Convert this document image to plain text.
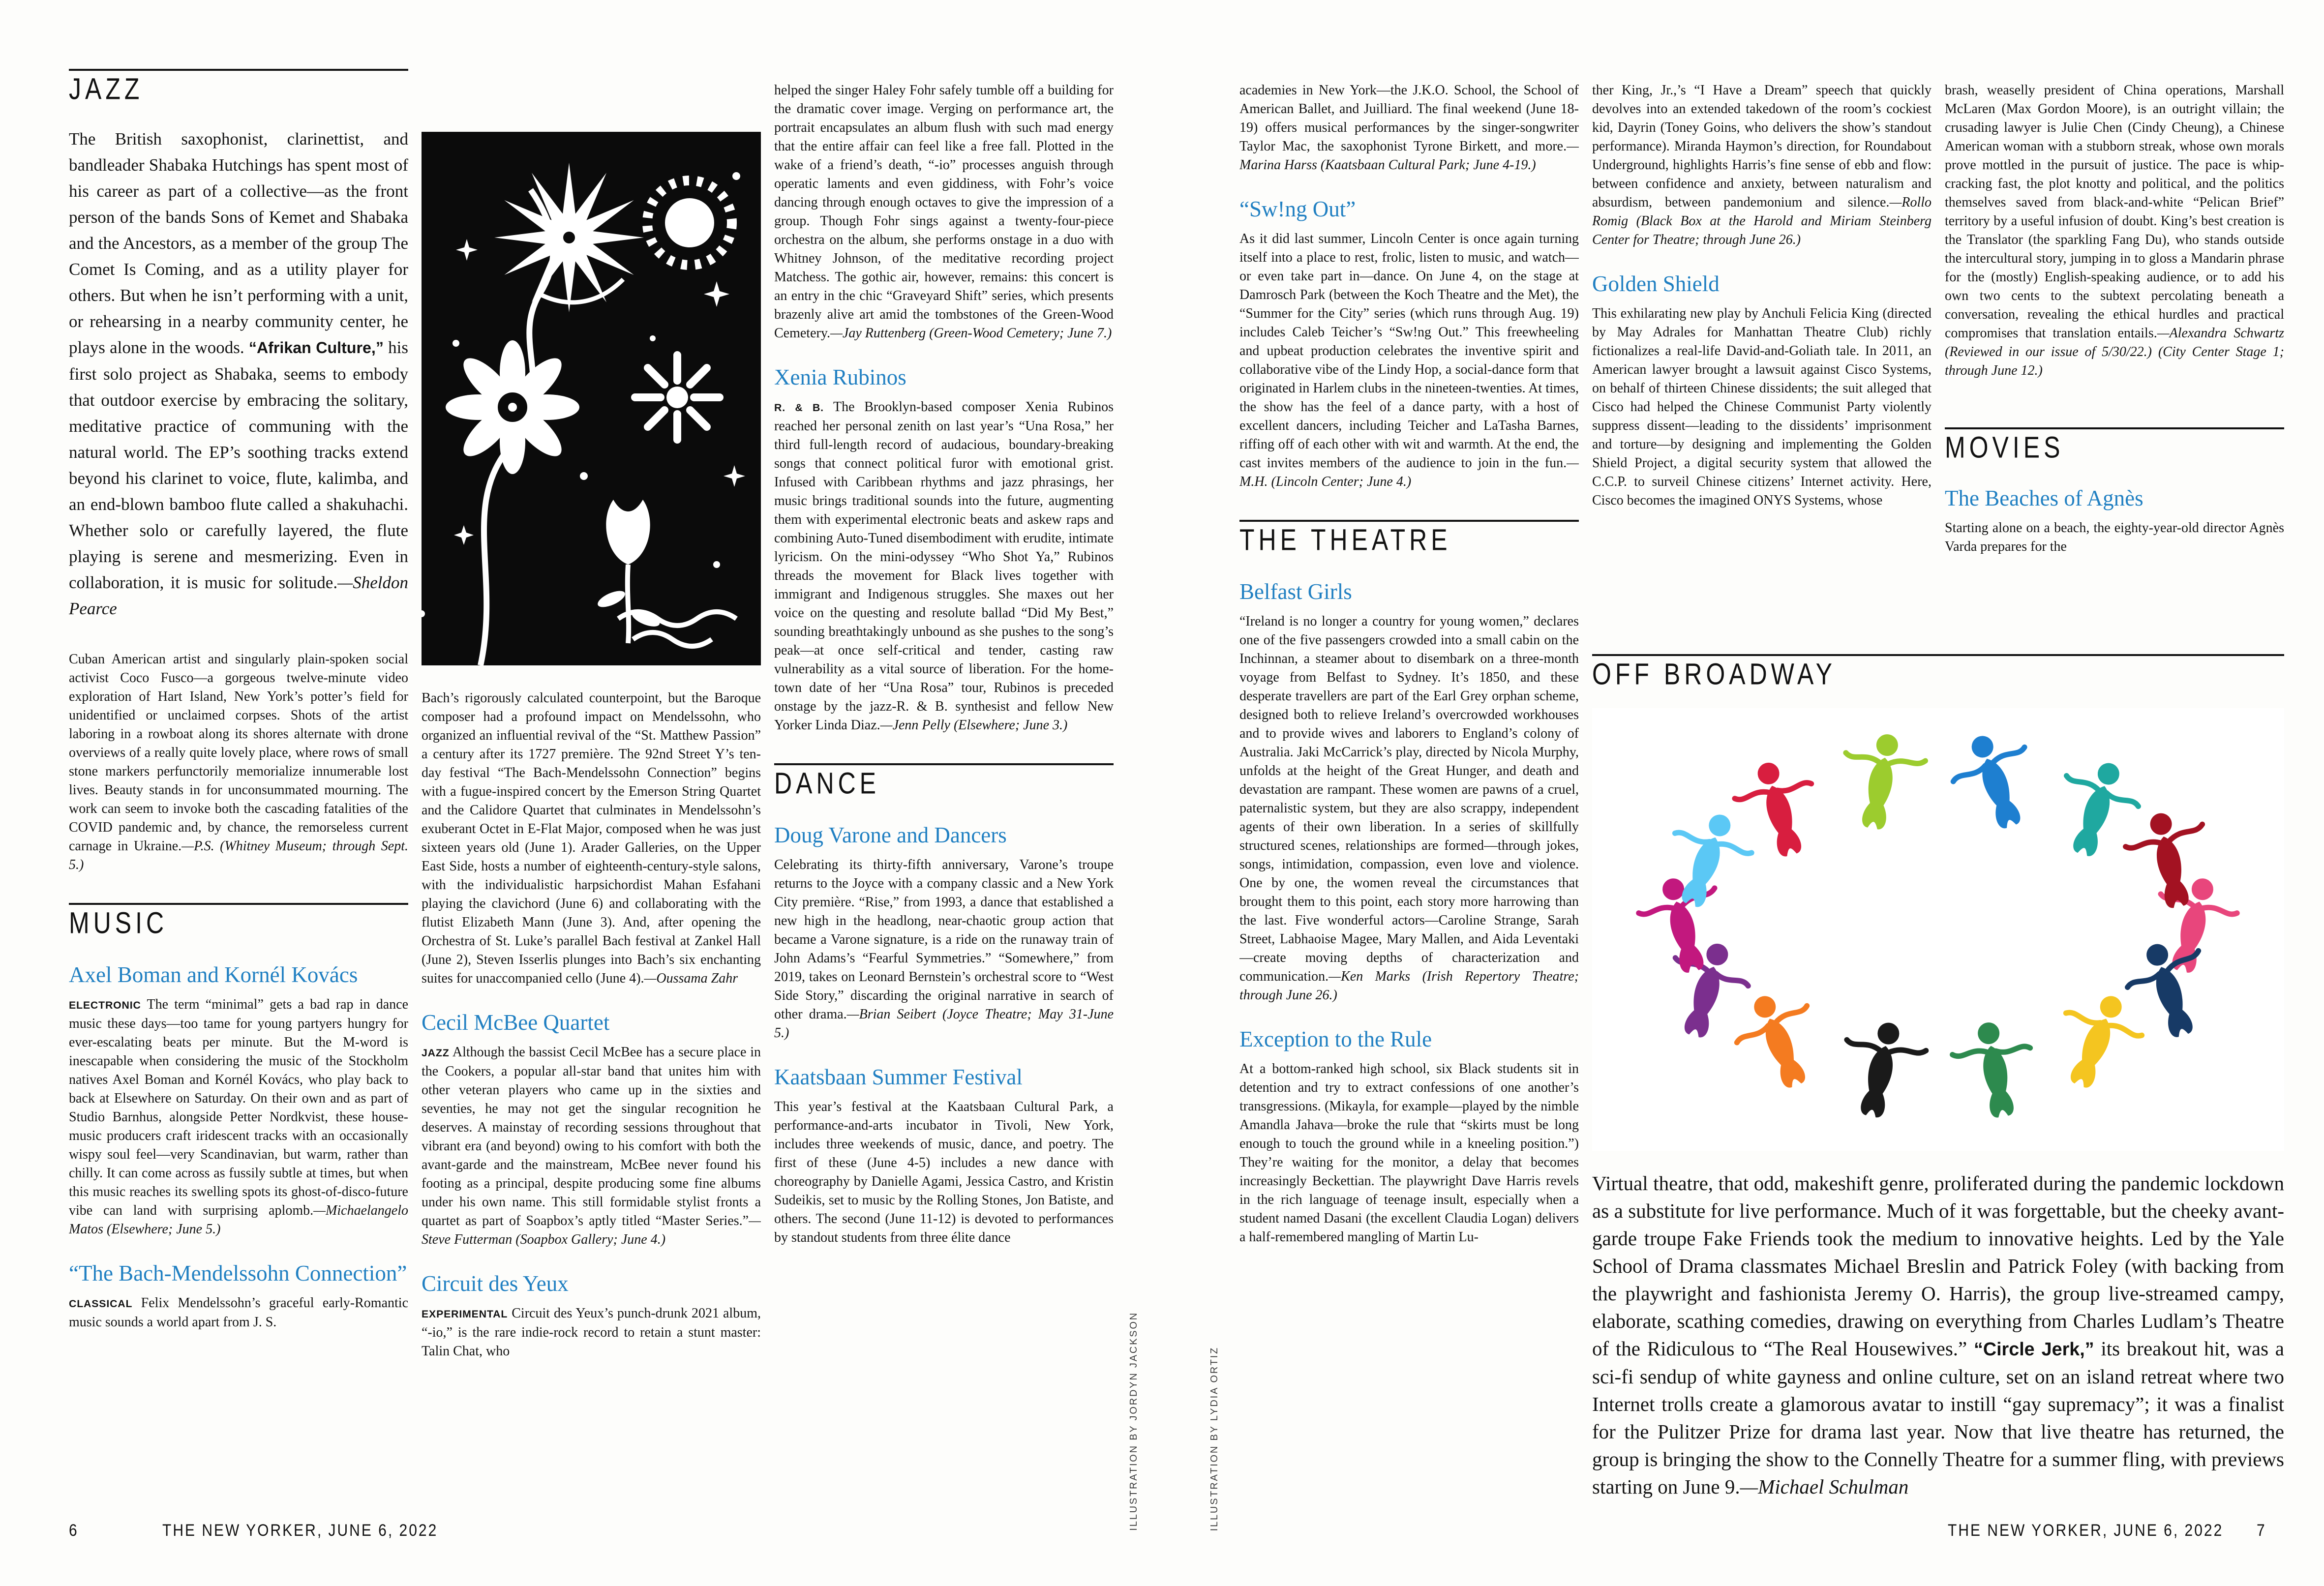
JAZZ

The British saxophonist, clarinettist, and bandleader Shabaka Hutchings has spent most of his career as part of a collective—as the front person of the bands Sons of Kemet and Shabaka and the Ancestors, as a member of the group The Comet Is Coming, and as a utility player for others. But when he isn’t performing with a unit, or rehearsing in a nearby community center, he plays alone in the woods. “Afrikan Culture,” his first solo project as Shabaka, seems to embody that outdoor exercise by embracing the solitary, meditative practice of communing with the natural world. The EP’s soothing tracks extend beyond his clarinet to voice, flute, kalimba, and an end-blown bamboo flute called a shakuhachi. Whether solo or carefully layered, the flute playing is serene and mesmerizing. Even in collaboration, it is music for solitude.—Sheldon Pearce

Cuban American artist and singularly plain-spoken social activist Coco Fusco—a gorgeous twelve-minute video exploration of Hart Island, New York’s potter’s field for unidentified or unclaimed corpses. Shots of the artist laboring in a rowboat along its shores alternate with drone overviews of a really quite lovely place, where rows of small stone markers perfunctorily memorialize innumerable lost lives. Beauty stands in for unconsummated mourning. The work can seem to invoke both the cascading fatalities of the COVID pandemic and, by chance, the remorseless current carnage in Ukraine.—P.S. (Whitney Museum; through Sept. 5.)

MUSIC
Axel Boman and Kornél Kovács

ELECTRONIC The term “minimal” gets a bad rap in dance music these days—too tame for young partyers hungry for ever-escalating beats per minute. But the M-word is inescapable when considering the music of the Stockholm natives Axel Boman and Kornél Kovács, who play back to back at Elsewhere on Saturday. On their own and as part of Studio Barnhus, alongside Petter Nordkvist, these house-music producers craft iridescent tracks with an occasionally wispy soul feel—very Scandinavian, but warm, rather than chilly. It can come across as fussily subtle at times, but when this music reaches its swelling spots its ghost-of-disco-future vibe can land with surprising aplomb.—Michaelangelo Matos (Elsewhere; June 5.)

“The Bach-Mendelssohn Connection”

CLASSICAL Felix Mendelssohn’s graceful early-Romantic music sounds a world apart from J. S.

Bach’s rigorously calculated counterpoint, but the Baroque composer had a profound impact on Mendelssohn, who organized an influential revival of the “St. Matthew Passion” a century after its 1727 première. The 92nd Street Y’s ten-day festival “The Bach-Mendelssohn Connection” begins with a fugue-inspired concert by the Emerson String Quartet and the Calidore Quartet that culminates in Mendelssohn’s exuberant Octet in E-Flat Major, composed when he was just sixteen years old (June 1). Arader Galleries, on the Upper East Side, hosts a number of eighteenth-century-style salons, with the individualistic harpsichordist Mahan Esfahani playing the clavichord (June 6) and collaborating with the flutist Elizabeth Mann (June 3). And, after opening the Orchestra of St. Luke’s parallel Bach festival at Zankel Hall (June 2), Steven Isserlis plunges into Bach’s six enchanting suites for unaccompanied cello (June 4).—Oussama Zahr

Cecil McBee Quartet

JAZZ Although the bassist Cecil McBee has a secure place in the Cookers, a popular all-star band that unites him with other veteran players who came up in the sixties and seventies, he may not get the singular recognition he deserves. A mainstay of recording sessions throughout that vibrant era (and beyond) owing to his comfort with both the avant-garde and the mainstream, McBee never found his footing as a principal, despite producing some fine albums under his own name. This still formidable stylist fronts a quartet as part of Soapbox’s aptly titled “Master Series.”—Steve Futterman (Soapbox Gallery; June 4.)

Circuit des Yeux

EXPERIMENTAL Circuit des Yeux’s punch-drunk 2021 album, “-io,” is the rare indie-rock record to retain a stunt master: Talin Chat, who

helped the singer Haley Fohr safely tumble off a building for the dramatic cover image. Verging on performance art, the portrait encapsulates an album flush with such mad energy that the entire affair can feel like a free fall. Plotted in the wake of a friend’s death, “-io” processes anguish through operatic laments and even giddiness, with Fohr’s voice dancing through enough octaves to give the impression of a group. Though Fohr sings against a twenty-four-piece orchestra on the album, she performs onstage in a duo with Whitney Johnson, of the meditative recording project Matchess. The gothic air, however, remains: this concert is an entry in the chic “Graveyard Shift” series, which presents brazenly alive art amid the tombstones of the Green-Wood Cemetery.—Jay Ruttenberg (Green-Wood Cemetery; June 7.)

Xenia Rubinos

R. & B. The Brooklyn-based composer Xenia Rubinos reached her personal zenith on last year’s “Una Rosa,” her third full-length record of audacious, boundary-breaking songs that connect political furor with emotional grist. Infused with Caribbean rhythms and jazz phrasings, her music brings traditional sounds into the future, augmenting them with experimental electronic beats and askew raps and combining Auto-Tuned disembodiment with erudite, intimate lyricism. On the mini-odyssey “Who Shot Ya,” Rubinos threads the movement for Black lives together with immigrant and Indigenous struggles. She maxes out her voice on the questing and resolute ballad “Did My Best,” sounding breathtakingly unbound as she pushes to the song’s peak—at once self-critical and tender, casting raw vulnerability as a vital source of liberation. For the home-town date of her “Una Rosa” tour, Rubinos is preceded onstage by the jazz-R. & B. synthesist and fellow New Yorker Linda Diaz.—Jenn Pelly (Elsewhere; June 3.)

DANCE
Doug Varone and Dancers

Celebrating its thirty-fifth anniversary, Varone’s troupe returns to the Joyce with a company classic and a New York City première. “Rise,” from 1993, a dance that established a new high in the headlong, near-chaotic group action that became a Varone signature, is a ride on the runaway train of John Adams’s “Fearful Symmetries.” “Somewhere,” from 2019, takes on Leonard Bernstein’s orchestral score to “West Side Story,” discarding the original narrative in search of other drama.—Brian Seibert (Joyce Theatre; May 31-June 5.)

Kaatsbaan Summer Festival

This year’s festival at the Kaatsbaan Cultural Park, a performance-and-arts incubator in Tivoli, New York, includes three weekends of music, dance, and poetry. The first of these (June 4-5) includes a new dance with choreography by Danielle Agami, Jessica Castro, and Kristin Sudeikis, set to music by the Rolling Stones, Jon Batiste, and others. The second (June 11-12) is devoted to performances by standout students from three élite dance

academies in New York—the J.K.O. School, the School of American Ballet, and Juilliard. The final weekend (June 18-19) offers musical performances by the singer-songwriter Taylor Mac, the saxophonist Tyrone Birkett, and more.—Marina Harss (Kaatsbaan Cultural Park; June 4-19.)

“Sw!ng Out”

As it did last summer, Lincoln Center is once again turning itself into a place to rest, frolic, listen to music, and watch—or even take part in—dance. On June 4, on the stage at Damrosch Park (between the Koch Theatre and the Met), the “Summer for the City” series (which runs through Aug. 19) includes Caleb Teicher’s “Sw!ng Out.” This freewheeling and upbeat production celebrates the inventive spirit and collaborative vibe of the Lindy Hop, a social-dance form that originated in Harlem clubs in the nineteen-twenties. At times, the show has the feel of a dance party, with a host of excellent dancers, including Teicher and LaTasha Barnes, riffing off of each other with wit and warmth. At the end, the cast invites members of the audience to join in the fun.—M.H. (Lincoln Center; June 4.)

THE THEATRE
Belfast Girls

“Ireland is no longer a country for young women,” declares one of the five passengers crowded into a small cabin on the Inchinnan, a steamer about to disembark on a three-month voyage from Belfast to Sydney. It’s 1850, and these desperate travellers are part of the Earl Grey orphan scheme, designed both to relieve Ireland’s overcrowded workhouses and to provide wives and laborers to England’s colony of Australia. Jaki McCarrick’s play, directed by Nicola Murphy, unfolds at the height of the Great Hunger, and death and devastation are rampant. These women are pawns of a cruel, paternalistic system, but they are also scrappy, independent agents of their own liberation. In a series of skillfully structured scenes, relationships are formed—through jokes, songs, intimidation, compassion, even love and violence. One by one, the women reveal the circumstances that brought them to this point, each story more harrowing than the last. Five wonderful actors—Caroline Strange, Sarah Street, Labhaoise Magee, Mary Mallen, and Aida Leventaki—create moving depths of characterization and communication.—Ken Marks (Irish Repertory Theatre; through June 26.)

Exception to the Rule

At a bottom-ranked high school, six Black students sit in detention and try to extract confessions of one another’s transgressions. (Mikayla, for example—played by the nimble Amandla Jahava—broke the rule that “skirts must be long enough to touch the ground while in a kneeling position.”) They’re waiting for the monitor, a delay that becomes increasingly Beckettian. The playwright Dave Harris revels in the rich language of teenage insult, especially when a student named Dasani (the excellent Claudia Logan) delivers a half-remembered mangling of Martin Lu-

ther King, Jr.,’s “I Have a Dream” speech that quickly devolves into an extended takedown of the room’s cockiest kid, Dayrin (Toney Goins, who delivers the show’s standout performance). Miranda Haymon’s direction, for Roundabout Underground, highlights Harris’s fine sense of ebb and flow: between confidence and anxiety, between naturalism and absurdism, between pandemonium and silence.—Rollo Romig (Black Box at the Harold and Miriam Steinberg Center for Theatre; through June 26.)

Golden Shield

This exhilarating new play by Anchuli Felicia King (directed by May Adrales for Manhattan Theatre Club) richly fictionalizes a real-life David-and-Goliath tale. In 2011, an American lawyer brought a lawsuit against Cisco Systems, on behalf of thirteen Chinese dissidents; the suit alleged that Cisco had helped the Chinese Communist Party violently suppress dissent—leading to the dissidents’ imprisonment and torture—by designing and implementing the Golden Shield Project, a digital security system that allowed the C.C.P. to surveil Chinese citizens’ Internet activity. Here, Cisco becomes the imagined ONYS Systems, whose

brash, weaselly president of China operations, Marshall McLaren (Max Gordon Moore), is an outright villain; the crusading lawyer is Julie Chen (Cindy Cheung), a Chinese American woman with a stubborn streak, whose own morals prove mottled in the pursuit of justice. The pace is whip-cracking fast, the plot knotty and political, and the politics themselves saved from black-and-white “Pelican Brief” territory by a useful infusion of doubt. King’s best creation is the Translator (the sparkling Fang Du), who stands outside the intercultural story, jumping in to gloss a Mandarin phrase for the (mostly) English-speaking audience, or to add his own two cents to the subtext percolating beneath a conversation, revealing the ethical hurdles and practical compromises that translation entails.—Alexandra Schwartz (Reviewed in our issue of 5/30/22.) (City Center Stage 1; through June 12.)

MOVIES
The Beaches of Agnès

Starting alone on a beach, the eighty-year-old director Agnès Varda prepares for the

OFF BROADWAY

Virtual theatre, that odd, makeshift genre, proliferated during the pandemic lockdown as a substitute for live performance. Much of it was forgettable, but the cheeky avant-garde troupe Fake Friends took the medium to innovative heights. Led by the Yale School of Drama classmates Michael Breslin and Patrick Foley (with backing from the playwright and fashionista Jeremy O. Harris), the group live-streamed campy, elaborate, scathing comedies, drawing on everything from Charles Ludlam’s Theatre of the Ridiculous to “The Real Housewives.” “Circle Jerk,” its breakout hit, was a sci-fi sendup of white gayness and online culture, set on an island retreat where two Internet trolls create a glamorous avatar to instill “gay supremacy”; it was a finalist for the Pulitzer Prize for drama last year. Now that live theatre has returned, the group is bringing the show to the Connelly Theatre for a summer fling, with previews starting on June 9.—Michael Schulman

ILLUSTRATION BY JORDYN JACKSON	ILLUSTRATION BY LYDIA ORTIZ
6	THE NEW YORKER, JUNE 6, 2022	THE NEW YORKER, JUNE 6, 2022 7
